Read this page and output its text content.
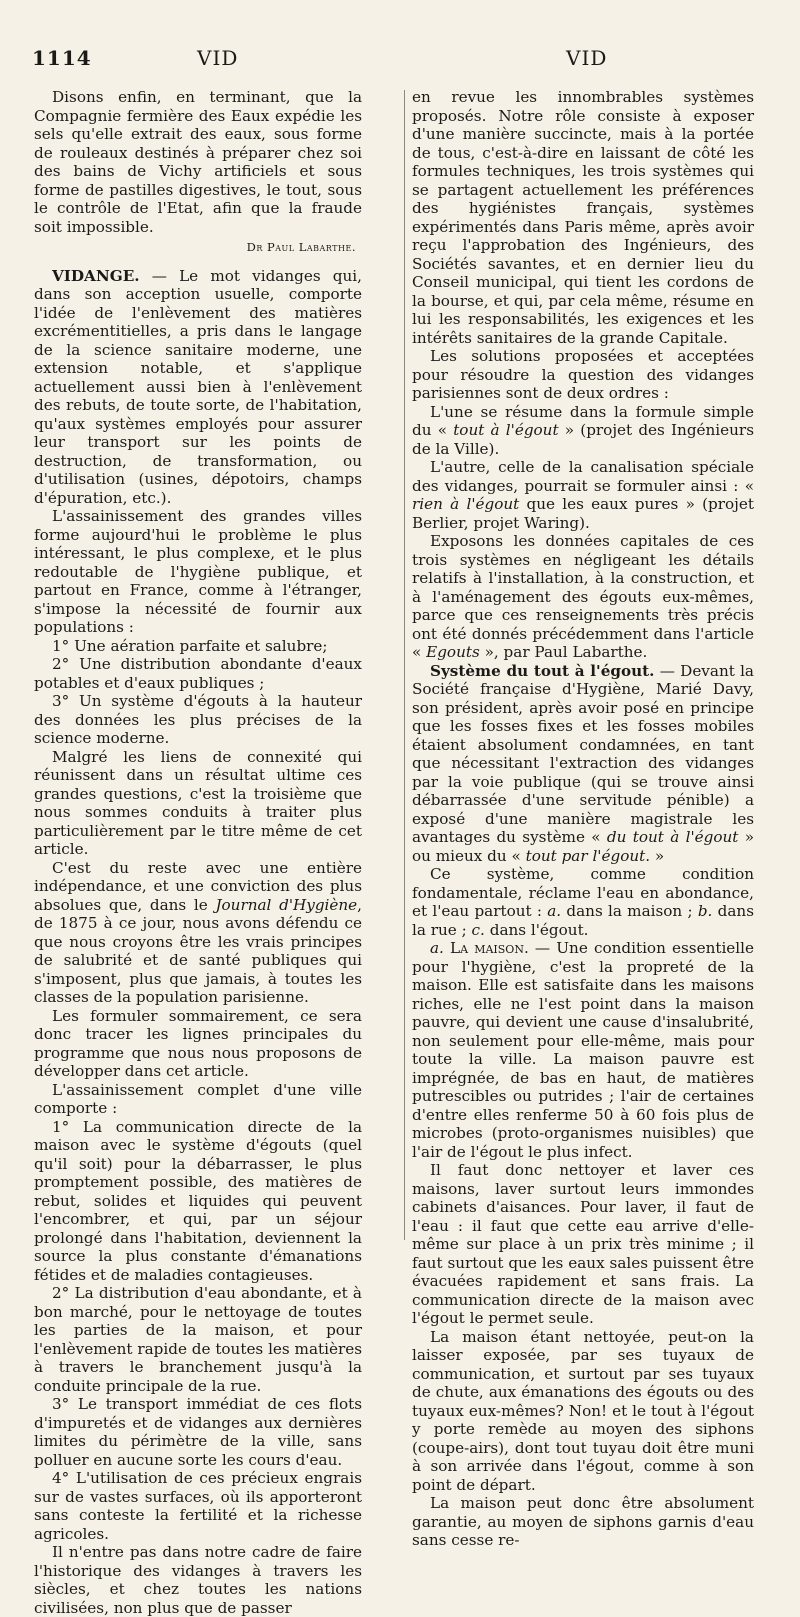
1114	VID	VID

Disons enfin, en terminant, que la Compagnie fermière des Eaux expédie les sels qu'elle extrait des eaux, sous forme de rouleaux destinés à préparer chez soi des bains de Vichy artificiels et sous forme de pastilles digestives, le tout, sous le contrôle de l'Etat, afin que la fraude soit impossible.

Dr Paul Labarthe.

VIDANGE. — Le mot vidanges qui, dans son acception usuelle, comporte l'idée de l'enlèvement des matières excrémentitielles, a pris dans le langage de la science sanitaire moderne, une extension notable, et s'applique actuellement aussi bien à l'enlèvement des rebuts, de toute sorte, de l'habitation, qu'aux systèmes employés pour assurer leur transport sur les points de destruction, de transformation, ou d'utilisation (usines, dépotoirs, champs d'épuration, etc.).

L'assainissement des grandes villes forme aujourd'hui le problème le plus intéressant, le plus complexe, et le plus redoutable de l'hygiène publique, et partout en France, comme à l'étranger, s'impose la nécessité de fournir aux populations :

1° Une aération parfaite et salubre;

2° Une distribution abondante d'eaux potables et d'eaux publiques ;

3° Un système d'égouts à la hauteur des données les plus précises de la science moderne.

Malgré les liens de connexité qui réunissent dans un résultat ultime ces grandes questions, c'est la troisième que nous sommes conduits à traiter plus particulièrement par le titre même de cet article.

C'est du reste avec une entière indépendance, et une conviction des plus absolues que, dans le Journal d'Hygiène, de 1875 à ce jour, nous avons défendu ce que nous croyons être les vrais principes de salubrité et de santé publiques qui s'imposent, plus que jamais, à toutes les classes de la population parisienne.

Les formuler sommairement, ce sera donc tracer les lignes principales du programme que nous nous proposons de développer dans cet article.

L'assainissement complet d'une ville comporte :

1° La communication directe de la maison avec le système d'égouts (quel qu'il soit) pour la débarrasser, le plus promptement possible, des matières de rebut, solides et liquides qui peuvent l'encombrer, et qui, par un séjour prolongé dans l'habitation, deviennent la source la plus constante d'émanations fétides et de maladies contagieuses.

2° La distribution d'eau abondante, et à bon marché, pour le nettoyage de toutes les parties de la maison, et pour l'enlèvement rapide de toutes les matières à travers le branchement jusqu'à la conduite principale de la rue.

3° Le transport immédiat de ces flots d'impuretés et de vidanges aux dernières limites du périmètre de la ville, sans polluer en aucune sorte les cours d'eau.

4° L'utilisation de ces précieux engrais sur de vastes surfaces, où ils apporteront sans conteste la fertilité et la richesse agricoles.

Il n'entre pas dans notre cadre de faire l'historique des vidanges à travers les siècles, et chez toutes les nations civilisées, non plus que de passer

en revue les innombrables systèmes proposés. Notre rôle consiste à exposer d'une manière succincte, mais à la portée de tous, c'est-à-dire en laissant de côté les formules techniques, les trois systèmes qui se partagent actuellement les préférences des hygiénistes français, systèmes expérimentés dans Paris même, après avoir reçu l'approbation des Ingénieurs, des Sociétés savantes, et en dernier lieu du Conseil municipal, qui tient les cordons de la bourse, et qui, par cela même, résume en lui les responsabilités, les exigences et les intérêts sanitaires de la grande Capitale.

Les solutions proposées et acceptées pour résoudre la question des vidanges parisiennes sont de deux ordres :

L'une se résume dans la formule simple du « tout à l'égout » (projet des Ingénieurs de la Ville).

L'autre, celle de la canalisation spéciale des vidanges, pourrait se formuler ainsi : « rien à l'égout que les eaux pures » (projet Berlier, projet Waring).

Exposons les données capitales de ces trois systèmes en négligeant les détails relatifs à l'installation, à la construction, et à l'aménagement des égouts eux-mêmes, parce que ces renseignements très précis ont été donnés précédemment dans l'article « Egouts », par Paul Labarthe.

Système du tout à l'égout. — Devant la Société française d'Hygiène, Marié Davy, son président, après avoir posé en principe que les fosses fixes et les fosses mobiles étaient absolument condamnées, en tant que nécessitant l'extraction des vidanges par la voie publique (qui se trouve ainsi débarrassée d'une servitude pénible) a exposé d'une manière magistrale les avantages du système « du tout à l'égout » ou mieux du « tout par l'égout. »

Ce système, comme condition fondamentale, réclame l'eau en abondance, et l'eau partout : a. dans la maison ; b. dans la rue ; c. dans l'égout.

a. La maison. — Une condition essentielle pour l'hygiène, c'est la propreté de la maison. Elle est satisfaite dans les maisons riches, elle ne l'est point dans la maison pauvre, qui devient une cause d'insalubrité, non seulement pour elle-même, mais pour toute la ville. La maison pauvre est imprégnée, de bas en haut, de matières putrescibles ou putrides ; l'air de certaines d'entre elles renferme 50 à 60 fois plus de microbes (proto-organismes nuisibles) que l'air de l'égout le plus infect.

Il faut donc nettoyer et laver ces maisons, laver surtout leurs immondes cabinets d'aisances. Pour laver, il faut de l'eau : il faut que cette eau arrive d'elle-même sur place à un prix très minime ; il faut surtout que les eaux sales puissent être évacuées rapidement et sans frais. La communication directe de la maison avec l'égout le permet seule.

La maison étant nettoyée, peut-on la laisser exposée, par ses tuyaux de communication, et surtout par ses tuyaux de chute, aux émanations des égouts ou des tuyaux eux-mêmes? Non! et le tout à l'égout y porte remède au moyen des siphons (coupe-airs), dont tout tuyau doit être muni à son arrivée dans l'égout, comme à son point de départ.

La maison peut donc être absolument garantie, au moyen de siphons garnis d'eau sans cesse re-
